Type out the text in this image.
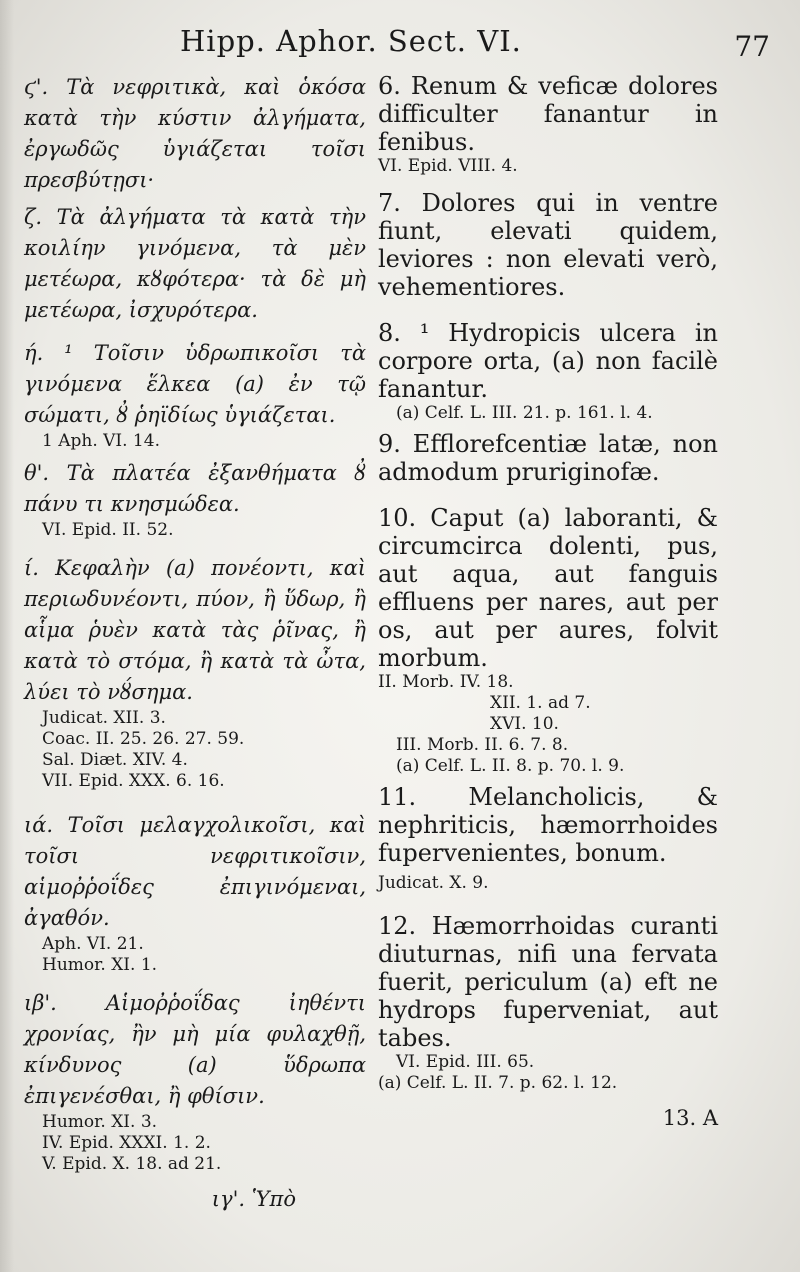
Hipp. Aphor. Sect. VI.	77

ϛ'. Τὰ νεφριτικὰ, καὶ ὁκόσα κατὰ τὴν κύστιν ἀλγήματα, ἐργωδῶς ὑγιάζεται τοῖσι πρεσβύτῃσι·

ζ. Τὰ ἀλγήματα τὰ κατὰ τὴν κοιλίην γινόμενα, τὰ μὲν μετέωρα, κȣφότερα· τὰ δὲ μὴ μετέωρα, ἰσχυρότερα.

ή. ¹ Τοῖσιν ὑδρωπικοῖσι τὰ γινόμενα ἕλκεα (a) ἐν τῷ σώματι, ȣ̓ ῥηϊδίως ὑγιάζεται.

1 Aph. VI. 14.

θ'. Τὰ πλατέα ἐξανθήματα ȣ̓ πάνυ τι κνησμώδεα.

VI. Epid. II. 52.

ί. Κεφαλὴν (a) πονέοντι, καὶ περιωδυνέοντι, πύον, ἢ ὕδωρ, ἢ αἷμα ῥυὲν κατὰ τὰς ῥῖνας, ἢ κατὰ τὸ στόμα, ἢ κατὰ τὰ ὦτα, λύει τὸ νȣ́σημα.

Judicat. XII. 3.

Coac. II. 25. 26. 27. 59.

Sal. Diæt. XIV. 4.

VII. Epid. XXX. 6. 16.

ιά. Τοῖσι μελαγχολικοῖσι, καὶ τοῖσι νεφριτικοῖσιν, αἱμοῤῥοΐδες ἐπιγινόμεναι, ἀγαθόν.

Aph. VI. 21.

Humor. XI. 1.

ιβ'. Αἱμοῤῥοΐδας ἰηθέντι χρονίας, ἢν μὴ μία φυλαχθῇ, κίνδυνος (a) ὕδρωπα ἐπιγενέσθαι, ἢ φθίσιν.

Humor. XI. 3.

IV. Epid. XXXI. 1. 2.

V. Epid. X. 18. ad 21.

ιγ'. Ὑπὸ

6. Renum & veficæ dolores difficulter fanantur in fenibus.

VI. Epid. VIII. 4.

7. Dolores qui in ventre fiunt, elevati quidem, leviores : non elevati verò, vehementiores.

8. ¹ Hydropicis ulcera in corpore orta, (a) non facilè fanantur.

(a) Celf. L. III. 21. p. 161. l. 4.

9. Efflorefcentiæ latæ, non admodum pruriginofæ.

10. Caput (a) laboranti, & circumcirca dolenti, pus, aut aqua, aut fanguis effluens per nares, aut per os, aut per aures, folvit morbum.

II. Morb. IV. 18.

XII. 1. ad 7.

XVI. 10.

III. Morb. II. 6. 7. 8.

(a) Celf. L. II. 8. p. 70. l. 9.

11. Melancholicis, & nephriticis, hæmorrhoides fupervenientes, bonum.

Judicat. X. 9.

12. Hæmorrhoidas curanti diuturnas, nifi una fervata fuerit, periculum (a) eft ne hydrops fuperveniat, aut tabes.

VI. Epid. III. 65.

(a) Celf. L. II. 7. p. 62. l. 12.

13. A
